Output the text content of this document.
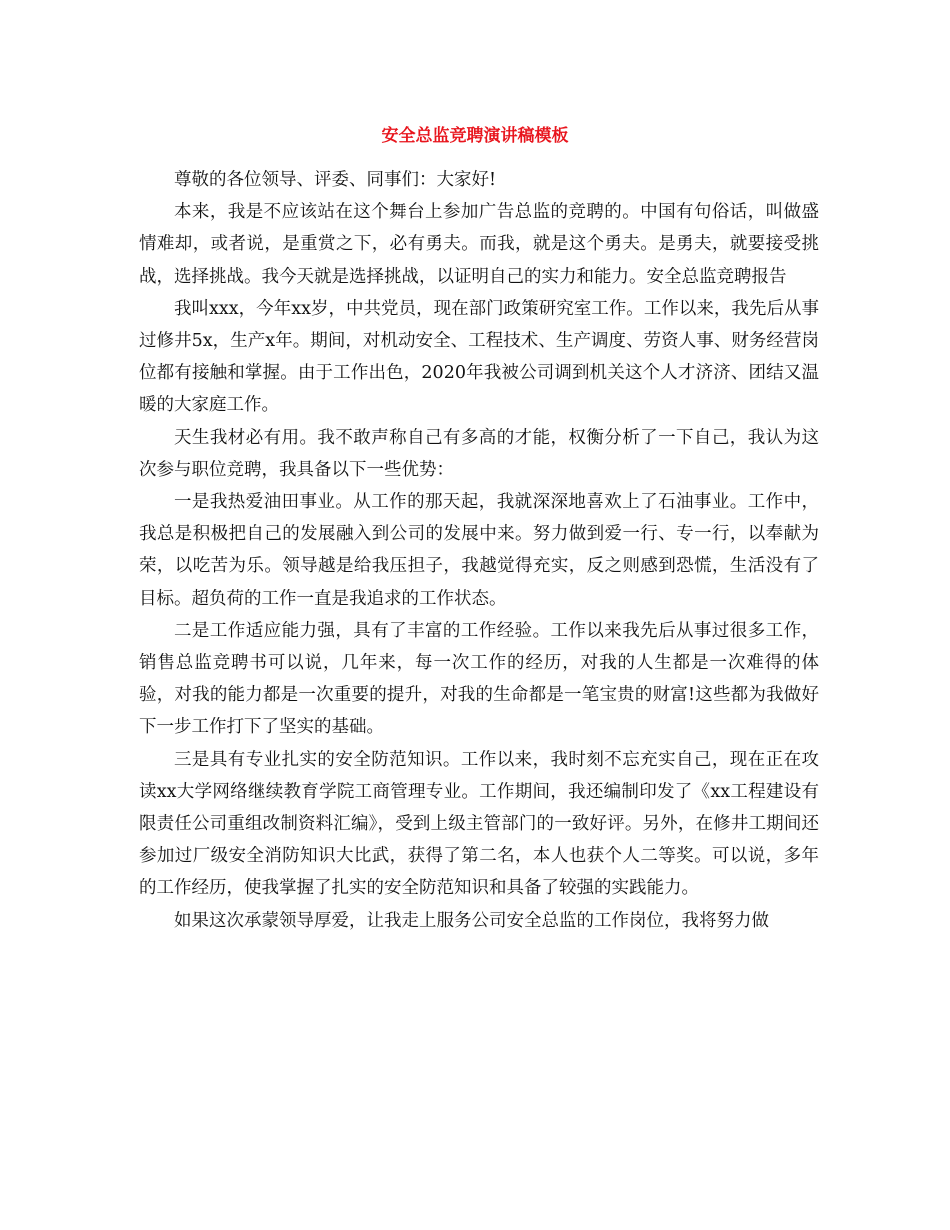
安全总监竞聘演讲稿模板

尊敬的各位领导、评委、同事们：大家好!

本来，我是不应该站在这个舞台上参加广告总监的竞聘的。中国有句俗话，叫做盛情难却，或者说，是重赏之下，必有勇夫。而我，就是这个勇夫。是勇夫，就要接受挑战，选择挑战。我今天就是选择挑战，以证明自己的实力和能力。安全总监竞聘报告

我叫xxx，今年xx岁，中共党员，现在部门政策研究室工作。工作以来，我先后从事过修井5x，生产x年。期间，对机动安全、工程技术、生产调度、劳资人事、财务经营岗位都有接触和掌握。由于工作出色，2020年我被公司调到机关这个人才济济、团结又温暖的大家庭工作。

天生我材必有用。我不敢声称自己有多高的才能，权衡分析了一下自己，我认为这次参与职位竞聘，我具备以下一些优势：

一是我热爱油田事业。从工作的那天起，我就深深地喜欢上了石油事业。工作中，我总是积极把自己的发展融入到公司的发展中来。努力做到爱一行、专一行，以奉献为荣，以吃苦为乐。领导越是给我压担子，我越觉得充实，反之则感到恐慌，生活没有了目标。超负荷的工作一直是我追求的工作状态。

二是工作适应能力强，具有了丰富的工作经验。工作以来我先后从事过很多工作，销售总监竞聘书可以说，几年来，每一次工作的经历，对我的人生都是一次难得的体验，对我的能力都是一次重要的提升，对我的生命都是一笔宝贵的财富!这些都为我做好下一步工作打下了坚实的基础。

三是具有专业扎实的安全防范知识。工作以来，我时刻不忘充实自己，现在正在攻读xx大学网络继续教育学院工商管理专业。工作期间，我还编制印发了《xx工程建设有限责任公司重组改制资料汇编》，受到上级主管部门的一致好评。另外，在修井工期间还参加过厂级安全消防知识大比武，获得了第二名，本人也获个人二等奖。可以说，多年的工作经历，使我掌握了扎实的安全防范知识和具备了较强的实践能力。

如果这次承蒙领导厚爱，让我走上服务公司安全总监的工作岗位，我将努力做
